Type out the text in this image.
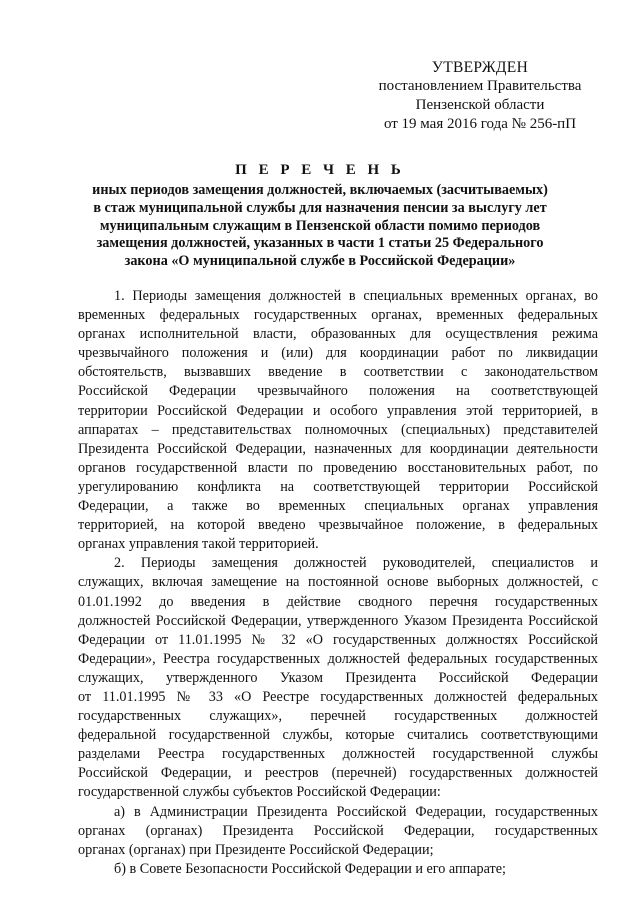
УТВЕРЖДЕН
постановлением Правительства
Пензенской области
от 19 мая 2016 года № 256-пП
П Е Р Е Ч Е Н Ь
иных периодов замещения должностей, включаемых (засчитываемых)
в стаж муниципальной службы для назначения пенсии за выслугу лет
муниципальным служащим в Пензенской области помимо периодов
замещения должностей, указанных в части 1 статьи 25 Федерального
закона «О муниципальной службе в Российской Федерации»
1. Периоды замещения должностей в специальных временных органах, во
временных федеральных государственных органах, временных федеральных
органах исполнительной власти, образованных для осуществления режима
чрезвычайного положения и (или) для координации работ по ликвидации
обстоятельств, вызвавших введение в соответствии с законодательством
Российской Федерации чрезвычайного положения на соответствующей
территории Российской Федерации и особого управления этой территорией, в
аппаратах – представительствах полномочных (специальных) представителей
Президента Российской Федерации, назначенных для координации деятельности
органов государственной власти по проведению восстановительных работ, по
урегулированию конфликта на соответствующей территории Российской
Федерации, а также во временных специальных органах управления
территорией, на которой введено чрезвычайное положение, в федеральных
органах управления такой территорией.
2. Периоды замещения должностей руководителей, специалистов и
служащих, включая замещение на постоянной основе выборных должностей, с
01.01.1992 до введения в действие сводного перечня государственных
должностей Российской Федерации, утвержденного Указом Президента Российской
Федерации от 11.01.1995 № 32 «О государственных должностях Российской
Федерации», Реестра государственных должностей федеральных государственных
служащих, утвержденного Указом Президента Российской Федерации
от 11.01.1995 № 33 «О Реестре государственных должностей федеральных
государственных служащих», перечней государственных должностей
федеральной государственной службы, которые считались соответствующими
разделами Реестра государственных должностей государственной службы
Российской Федерации, и реестров (перечней) государственных должностей
государственной службы субъектов Российской Федерации:
а) в Администрации Президента Российской Федерации, государственных
органах (органах) Президента Российской Федерации, государственных
органах (органах) при Президенте Российской Федерации;
б) в Совете Безопасности Российской Федерации и его аппарате;
